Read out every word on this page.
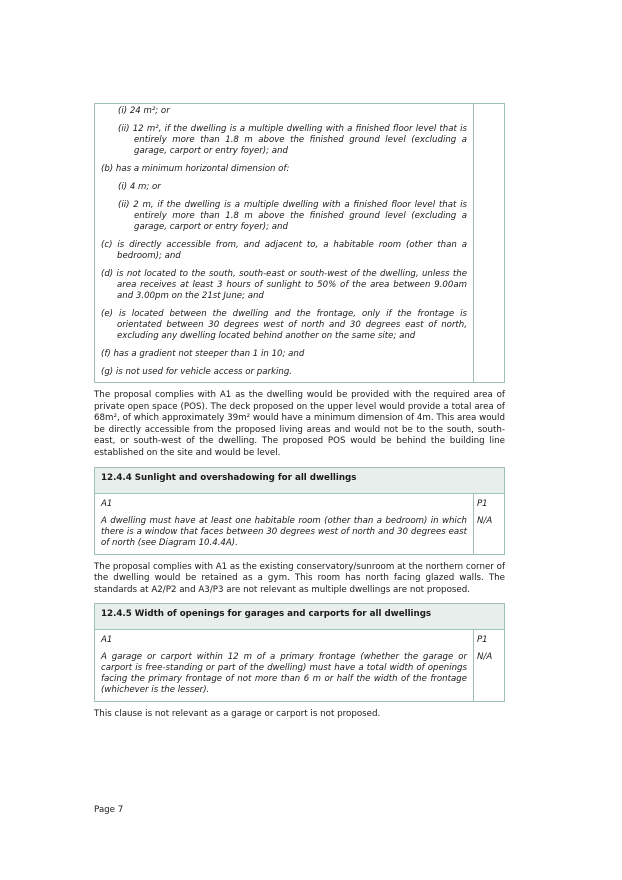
(i) 24 m²; or
(ii) 12 m², if the dwelling is a multiple dwelling with a finished floor level that is entirely more than 1.8 m above the finished ground level (excluding a garage, carport or entry foyer); and
(b) has a minimum horizontal dimension of:
(i) 4 m; or
(ii) 2 m, if the dwelling is a multiple dwelling with a finished floor level that is entirely more than 1.8 m above the finished ground level (excluding a garage, carport or entry foyer); and
(c) is directly accessible from, and adjacent to, a habitable room (other than a bedroom); and
(d) is not located to the south, south-east or south-west of the dwelling, unless the area receives at least 3 hours of sunlight to 50% of the area between 9.00am and 3.00pm on the 21st June; and
(e) is located between the dwelling and the frontage, only if the frontage is orientated between 30 degrees west of north and 30 degrees east of north, excluding any dwelling located behind another on the same site; and
(f) has a gradient not steeper than 1 in 10; and
(g) is not used for vehicle access or parking.

The proposal complies with A1 as the dwelling would be provided with the required area of private open space (POS). The deck proposed on the upper level would provide a total area of 68m², of which approximately 39m² would have a minimum dimension of 4m. This area would be directly accessible from the proposed living areas and would not be to the south, south-east, or south-west of the dwelling. The proposed POS would be behind the building line established on the site and would be level.

12.4.4 Sunlight and overshadowing for all dwellings
A1
A dwelling must have at least one habitable room (other than a bedroom) in which there is a window that faces between 30 degrees west of north and 30 degrees east of north (see Diagram 10.4.4A).
P1
N/A

The proposal complies with A1 as the existing conservatory/sunroom at the northern corner of the dwelling would be retained as a gym. This room has north facing glazed walls. The standards at A2/P2 and A3/P3 are not relevant as multiple dwellings are not proposed.

12.4.5 Width of openings for garages and carports for all dwellings
A1
A garage or carport within 12 m of a primary frontage (whether the garage or carport is free-standing or part of the dwelling) must have a total width of openings facing the primary frontage of not more than 6 m or half the width of the frontage (whichever is the lesser).
P1
N/A

This clause is not relevant as a garage or carport is not proposed.

Page 7
